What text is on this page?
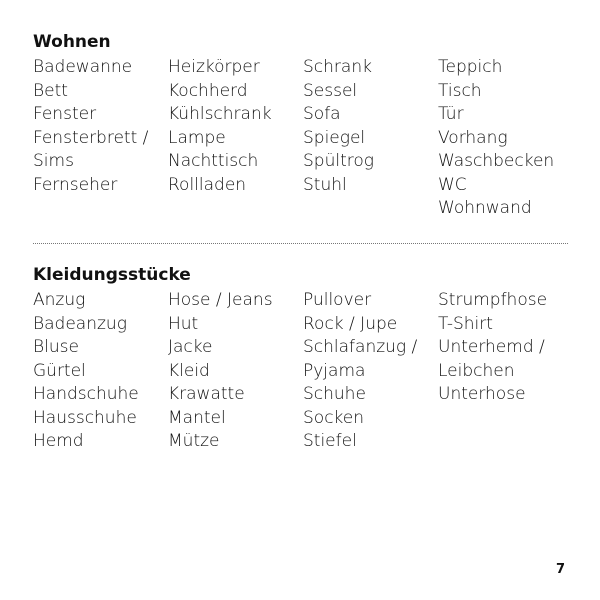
Wohnen
Badewanne
Bett
Fenster
Fensterbrett /
Sims
Fernseher
Heizkörper
Kochherd
Kühlschrank
Lampe
Nachttisch
Rollladen
Schrank
Sessel
Sofa
Spiegel
Spültrog
Stuhl
Teppich
Tisch
Tür
Vorhang
Waschbecken
WC
Wohnwand
Kleidungsstücke
Anzug
Badeanzug
Bluse
Gürtel
Handschuhe
Hausschuhe
Hemd
Hose / Jeans
Hut
Jacke
Kleid
Krawatte
Mantel
Mütze
Pullover
Rock / Jupe
Schlafanzug /
Pyjama
Schuhe
Socken
Stiefel
Strumpfhose
T-Shirt
Unterhemd /
Leibchen
Unterhose
7
